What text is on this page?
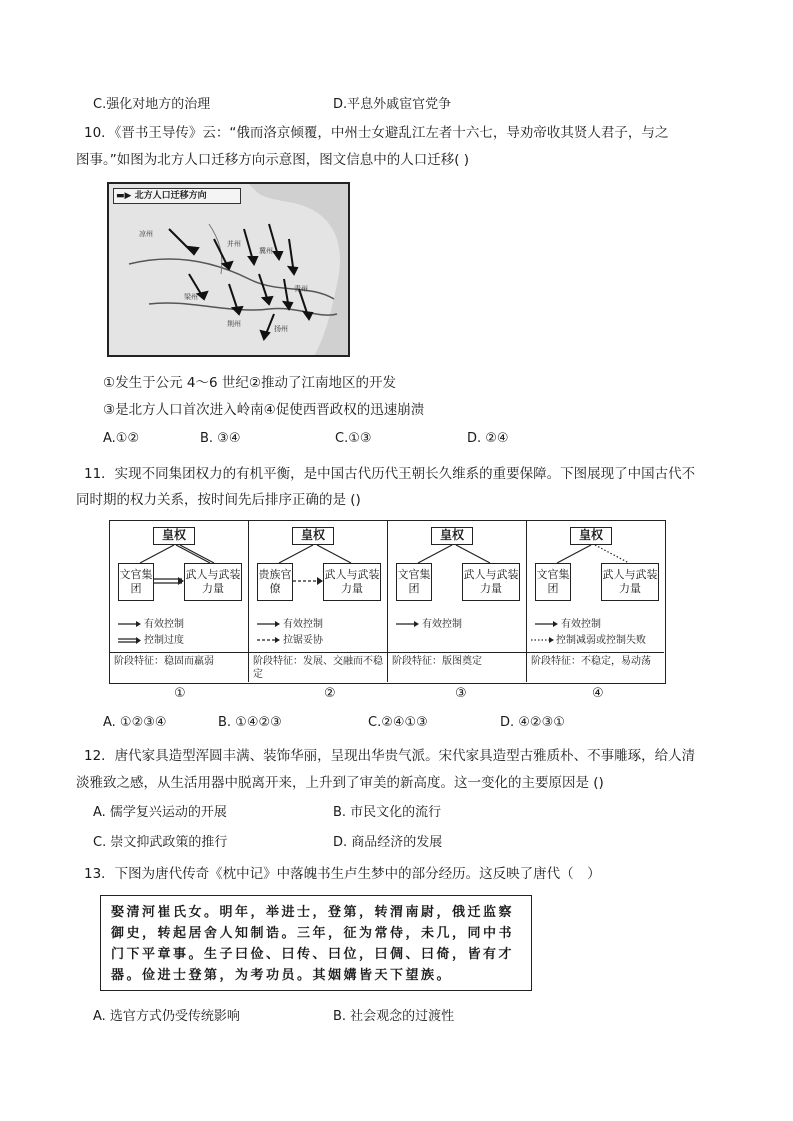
C.强化对地方的治理	D.平息外戚宦官党争
10．《晋书王导传》云：“俄而洛京倾覆，中州士女避乱江左者十六七，导劝帝收其贤人君子，与之
图事。”如图为北方人口迁移方向示意图，图文信息中的人口迁移( )
▬▶ 北方人口迁移方向
凉州
并州
冀州
青州
梁州
扬州
荆州
①发生于公元 4～6 世纪②推动了江南地区的开发
③是北方人口首次进入岭南④促使西晋政权的迅速崩溃
A.①②	B. ③④	C.①③	D. ②④
11．实现不同集团权力的有机平衡，是中国古代历代王朝长久维系的重要保障。下图展现了中国古代不
同时期的权力关系，按时间先后排序正确的是 ()
皇权
文官集团
武人与武装力量
有效控制
控制过度
阶段特征：稳固而羸弱
皇权
贵族官僚
武人与武装力量
有效控制
拉锯妥协
阶段特征：发展、交融而不稳定
皇权
文官集团
武人与武装力量
有效控制
阶段特征：版图奠定
皇权
文官集团
武人与武装力量
有效控制
控制减弱或控制失败
阶段特征：不稳定，易动荡
①	②	③	④
A. ①②③④	B. ①④②③	C.②④①③	D. ④②③①
12．唐代家具造型浑圆丰满、装饰华丽，呈现出华贵气派。宋代家具造型古雅质朴、不事雕琢，给人清
淡雅致之感，从生活用器中脱离开来，上升到了审美的新高度。这一变化的主要原因是 ()
A. 儒学复兴运动的开展	B. 市民文化的流行
C. 崇文抑武政策的推行	D. 商品经济的发展
13．下图为唐代传奇《枕中记》中落魄书生卢生梦中的部分经历。这反映了唐代（　）
娶清河崔氏女。明年，举进士，登第，转渭南尉，俄迁监察御史，转起居舍人知制诰。三年，征为常侍，未几，同中书门下平章事。生子曰俭、曰传、曰位，曰倜、曰倚，皆有才器。俭进士登第，为考功员。其姻媾皆天下望族。
A. 选官方式仍受传统影响	B. 社会观念的过渡性
